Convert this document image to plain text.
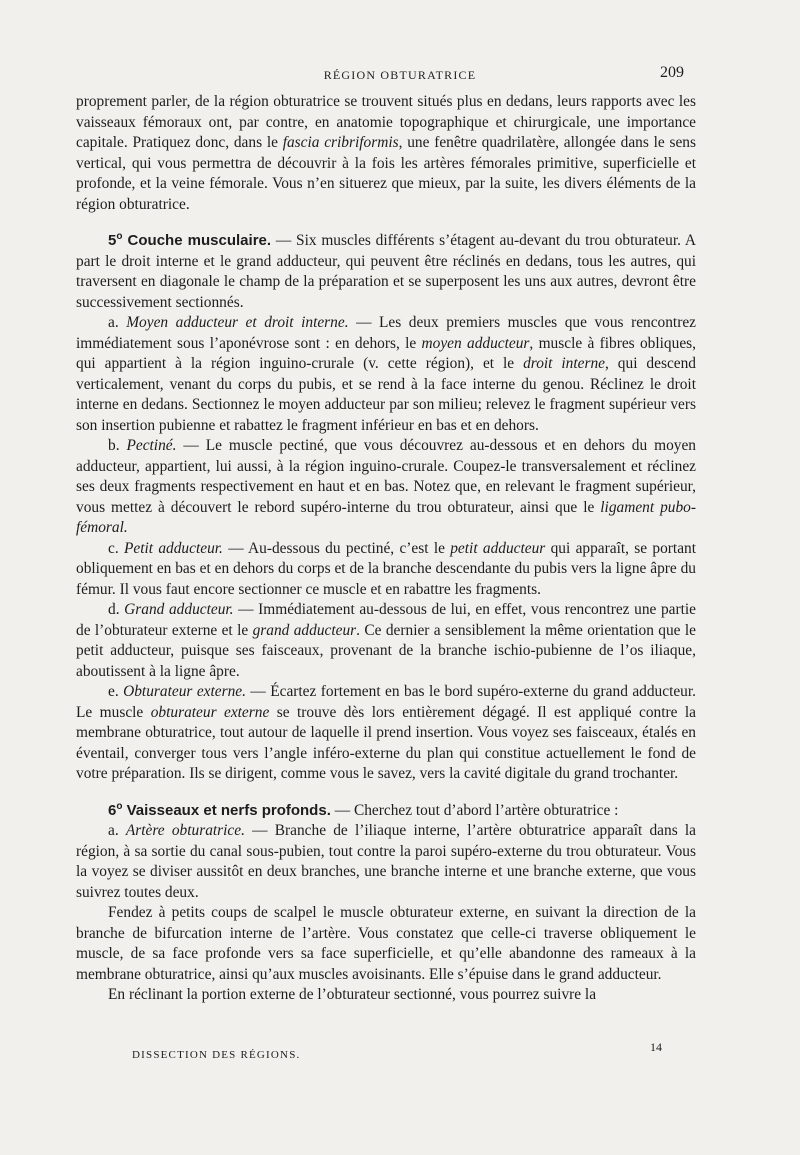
RÉGION OBTURATRICE	209

proprement parler, de la région obturatrice se trouvent situés plus en dedans, leurs rapports avec les vaisseaux fémoraux ont, par contre, en anatomie topographique et chirurgicale, une importance capitale. Pratiquez donc, dans le fascia cribriformis, une fenêtre quadrilatère, allongée dans le sens vertical, qui vous permettra de découvrir à la fois les artères fémorales primitive, superficielle et profonde, et la veine fémorale. Vous n’en situerez que mieux, par la suite, les divers éléments de la région obturatrice.

5$^o$ Couche musculaire. — Six muscles différents s’étagent au-devant du trou obturateur. A part le droit interne et le grand adducteur, qui peuvent être réclinés en dedans, tous les autres, qui traversent en diagonale le champ de la préparation et se superposent les uns aux autres, devront être successivement sectionnés.

a. Moyen adducteur et droit interne. — Les deux premiers muscles que vous rencontrez immédiatement sous l’aponévrose sont : en dehors, le moyen adducteur, muscle à fibres obliques, qui appartient à la région inguino-crurale (v. cette région), et le droit interne, qui descend verticalement, venant du corps du pubis, et se rend à la face interne du genou. Réclinez le droit interne en dedans. Sectionnez le moyen adducteur par son milieu; relevez le fragment supérieur vers son insertion pubienne et rabattez le fragment inférieur en bas et en dehors.

b. Pectiné. — Le muscle pectiné, que vous découvrez au-dessous et en dehors du moyen adducteur, appartient, lui aussi, à la région inguino-crurale. Coupez-le transversalement et réclinez ses deux fragments respectivement en haut et en bas. Notez que, en relevant le fragment supérieur, vous mettez à découvert le rebord supéro-interne du trou obturateur, ainsi que le ligament pubo-fémoral.

c. Petit adducteur. — Au-dessous du pectiné, c’est le petit adducteur qui apparaît, se portant obliquement en bas et en dehors du corps et de la branche descendante du pubis vers la ligne âpre du fémur. Il vous faut encore sectionner ce muscle et en rabattre les fragments.

d. Grand adducteur. — Immédiatement au-dessous de lui, en effet, vous rencontrez une partie de l’obturateur externe et le grand adducteur. Ce dernier a sensiblement la même orientation que le petit adducteur, puisque ses faisceaux, provenant de la branche ischio-pubienne de l’os iliaque, aboutissent à la ligne âpre.

e. Obturateur externe. — Écartez fortement en bas le bord supéro-externe du grand adducteur. Le muscle obturateur externe se trouve dès lors entièrement dégagé. Il est appliqué contre la membrane obturatrice, tout autour de laquelle il prend insertion. Vous voyez ses faisceaux, étalés en éventail, converger tous vers l’angle inféro-externe du plan qui constitue actuellement le fond de votre préparation. Ils se dirigent, comme vous le savez, vers la cavité digitale du grand trochanter.

6$^o$ Vaisseaux et nerfs profonds. — Cherchez tout d’abord l’artère obturatrice :

a. Artère obturatrice. — Branche de l’iliaque interne, l’artère obturatrice apparaît dans la région, à sa sortie du canal sous-pubien, tout contre la paroi supéro-externe du trou obturateur. Vous la voyez se diviser aussitôt en deux branches, une branche interne et une branche externe, que vous suivrez toutes deux.

Fendez à petits coups de scalpel le muscle obturateur externe, en suivant la direction de la branche de bifurcation interne de l’artère. Vous constatez que celle-ci traverse obliquement le muscle, de sa face profonde vers sa face superficielle, et qu’elle abandonne des rameaux à la membrane obturatrice, ainsi qu’aux muscles avoisinants. Elle s’épuise dans le grand adducteur.

En réclinant la portion externe de l’obturateur sectionné, vous pourrez suivre la

DISSECTION DES RÉGIONS.
14
